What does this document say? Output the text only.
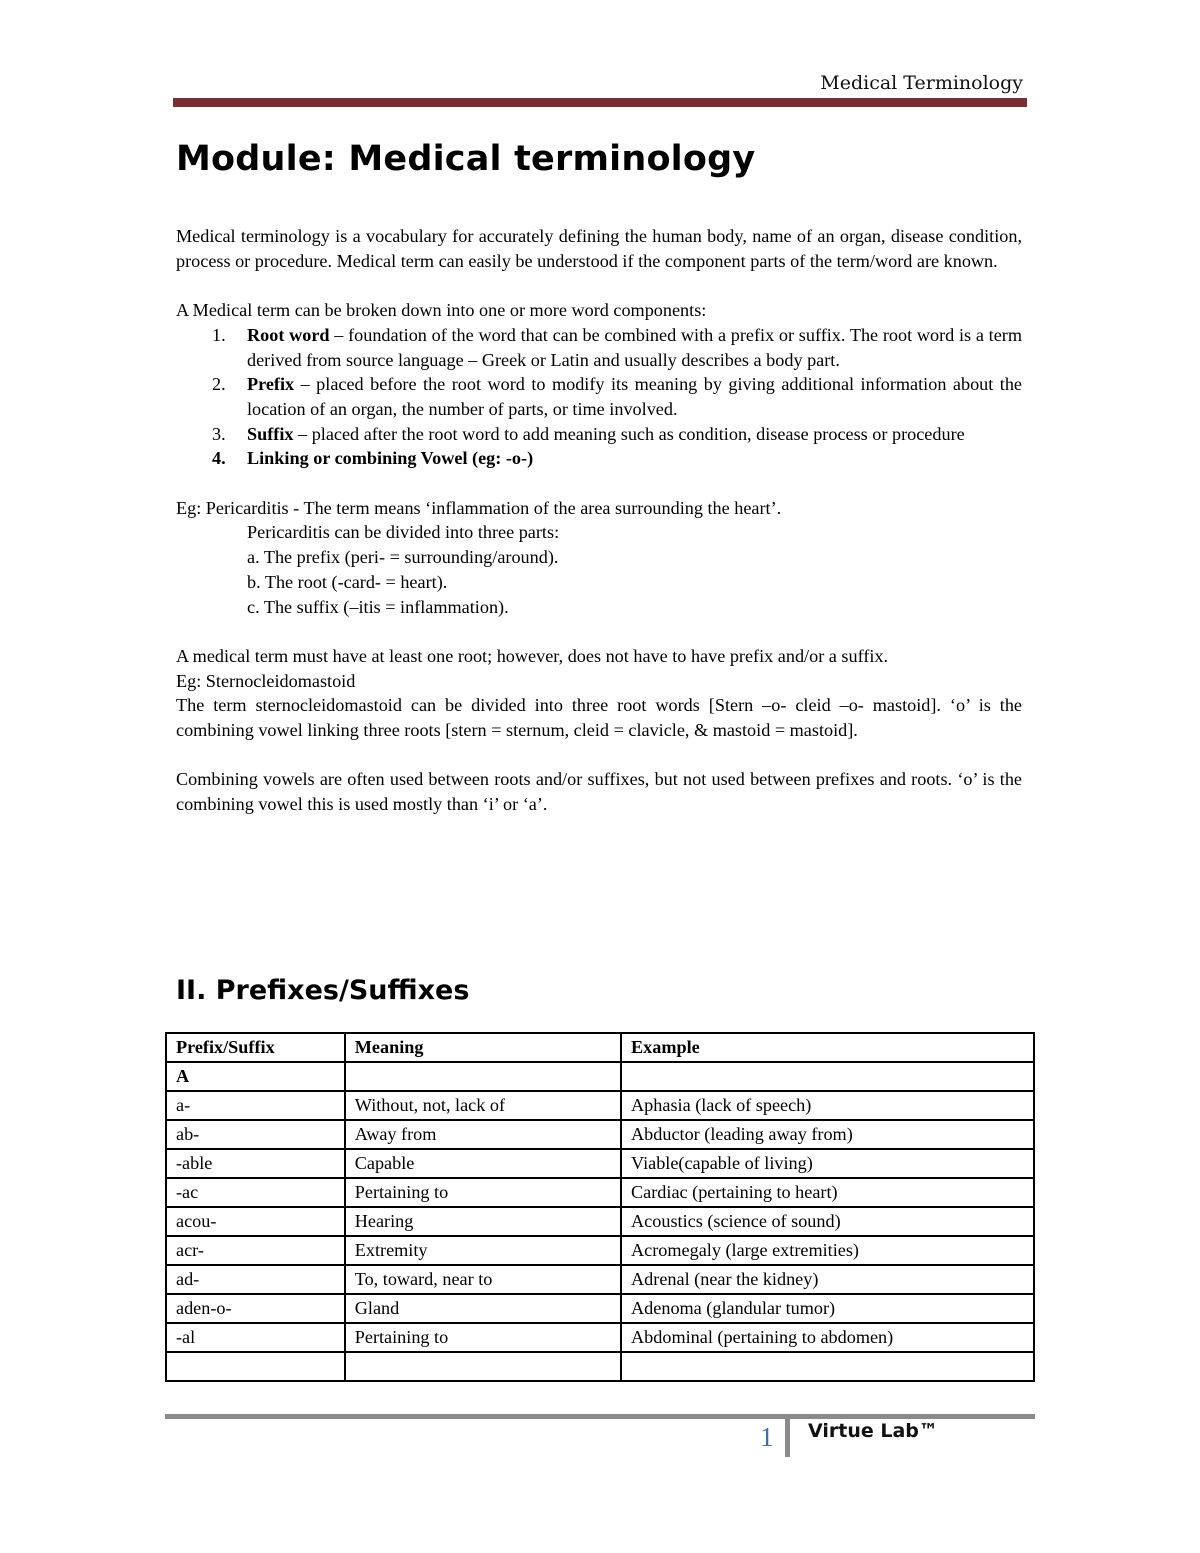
Medical Terminology
Module: Medical terminology

Medical terminology is a vocabulary for accurately defining the human body, name of an organ, disease condition, process or procedure. Medical term can easily be understood if the component parts of the term/word are known.

A Medical term can be broken down into one or more word components:

1. Root word – foundation of the word that can be combined with a prefix or suffix. The root word is a term derived from source language – Greek or Latin and usually describes a body part.
2. Prefix – placed before the root word to modify its meaning by giving additional information about the location of an organ, the number of parts, or time involved.
3. Suffix – placed after the root word to add meaning such as condition, disease process or procedure
4. Linking or combining Vowel (eg: -o-)

Eg: Pericarditis - The term means ‘inflammation of the area surrounding the heart’.

Pericarditis can be divided into three parts:

a. The prefix (peri- = surrounding/around).

b. The root (-card- = heart).

c. The suffix (–itis = inflammation).

A medical term must have at least one root; however, does not have to have prefix and/or a suffix.

Eg: Sternocleidomastoid

The term sternocleidomastoid can be divided into three root words [Stern –o- cleid –o- mastoid]. ‘o’ is the combining vowel linking three roots [stern = sternum, cleid = clavicle, & mastoid = mastoid].

Combining vowels are often used between roots and/or suffixes, but not used between prefixes and roots. ‘o’ is the combining vowel this is used mostly than ‘i’ or ‘a’.

II. Prefixes/Suffixes
Prefix/Suffix	Meaning	Example
A		
a-	Without, not, lack of	Aphasia (lack of speech)
ab-	Away from	Abductor (leading away from)
-able	Capable	Viable(capable of living)
-ac	Pertaining to	Cardiac (pertaining to heart)
acou-	Hearing	Acoustics (science of sound)
acr-	Extremity	Acromegaly (large extremities)
ad-	To, toward, near to	Adrenal (near the kidney)
aden-o-	Gland	Adenoma (glandular tumor)
-al	Pertaining to	Abdominal (pertaining to abdomen)

1 Virtue Lab™
